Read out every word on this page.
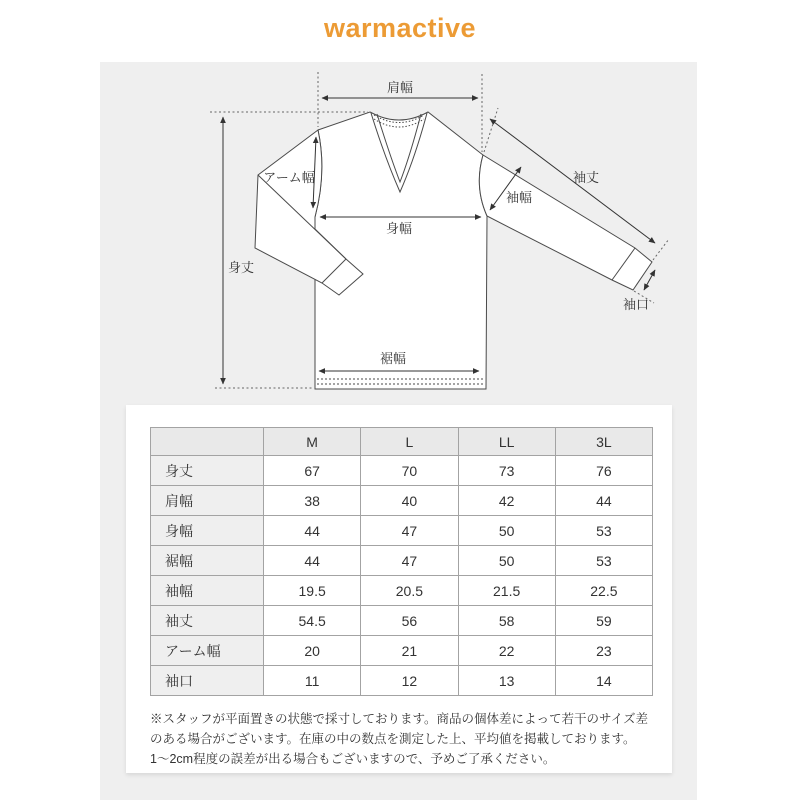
warmactive
肩幅
アーム幅
身丈
身幅
袖幅
袖丈
袖口
裾幅
	M	L	LL	3L
身丈	67	70	73	76
肩幅	38	40	42	44
身幅	44	47	50	53
裾幅	44	47	50	53
袖幅	19.5	20.5	21.5	22.5
袖丈	54.5	56	58	59
アーム幅	20	21	22	23
袖口	11	12	13	14

※スタッフが平面置きの状態で採寸しております。商品の個体差によって若干のサイズ差のある場合がございます。在庫の中の数点を測定した上、平均値を掲載しております。1〜2cm程度の誤差が出る場合もございますので、予めご了承ください。
